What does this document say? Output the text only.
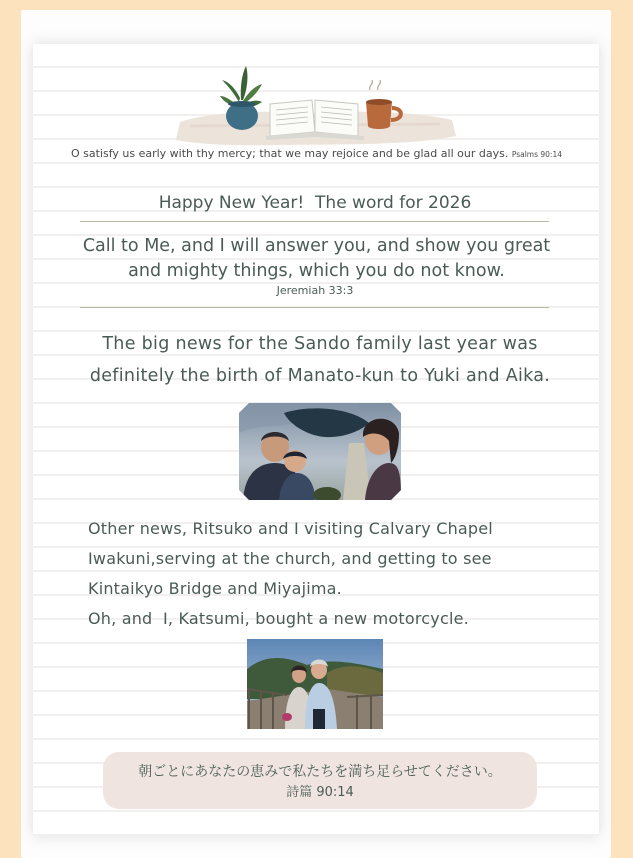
O satisfy us early with thy mercy; that we may rejoice and be glad all our days. Psalms 90:14
Happy New Year!  The word for 2026
Call to Me, and I will answer you, and show you great
and mighty things, which you do not know.
Jeremiah 33:3
The big news for the Sando family last year was
definitely the birth of Manato-kun to Yuki and Aika.
Other news, Ritsuko and I visiting Calvary Chapel
Iwakuni,serving at the church, and getting to see
Kintaikyo Bridge and Miyajima.
Oh, and  I, Katsumi, bought a new motorcycle.
朝ごとにあなたの恵みで私たちを満ち足らせてください。
詩篇 90:14
